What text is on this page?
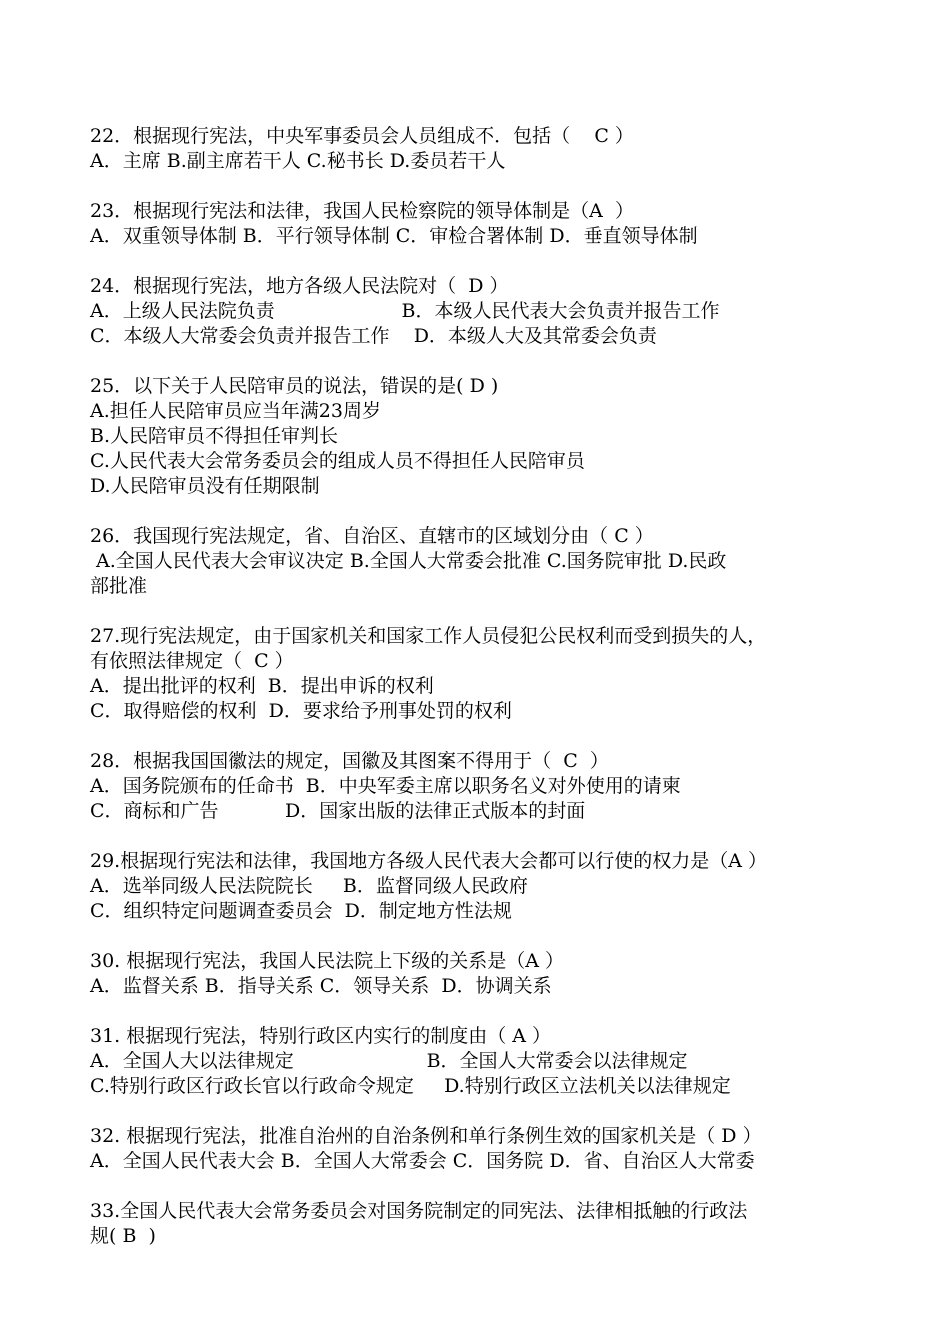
22．根据现行宪法，中央军事委员会人员组成不．包括（    C ）
A．主席 B.副主席若干人 C.秘书长 D.委员若干人
23．根据现行宪法和法律，我国人民检察院的领导体制是（A  ）
A．双重领导体制 B．平行领导体制 C．审检合署体制 D．垂直领导体制
24．根据现行宪法，地方各级人民法院对（  D ）
A．上级人民法院负责                     B．本级人民代表大会负责并报告工作
C．本级人大常委会负责并报告工作    D．本级人大及其常委会负责
25．以下关于人民陪审员的说法，错误的是( D )
A.担任人民陪审员应当年满23周岁
B.人民陪审员不得担任审判长
C.人民代表大会常务委员会的组成人员不得担任人民陪审员
D.人民陪审员没有任期限制
26．我国现行宪法规定，省、自治区、直辖市的区域划分由（ C ）
A.全国人民代表大会审议决定 B.全国人大常委会批准 C.国务院审批 D.民政
部批准
27.现行宪法规定，由于国家机关和国家工作人员侵犯公民权利而受到损失的人，
有依照法律规定（  C ）
A．提出批评的权利  B．提出申诉的权利
C．取得赔偿的权利  D．要求给予刑事处罚的权利
28．根据我国国徽法的规定，国徽及其图案不得用于（  C  ）
A．国务院颁布的任命书  B．中央军委主席以职务名义对外使用的请柬
C．商标和广告           D．国家出版的法律正式版本的封面
29.根据现行宪法和法律，我国地方各级人民代表大会都可以行使的权力是（A ）
A．选举同级人民法院院长     B．监督同级人民政府
C．组织特定问题调查委员会  D．制定地方性法规
30. 根据现行宪法，我国人民法院上下级的关系是（A ）
A．监督关系 B．指导关系 C．领导关系  D．协调关系
31. 根据现行宪法，特别行政区内实行的制度由（ A ）
A．全国人大以法律规定                      B．全国人大常委会以法律规定
C.特别行政区行政长官以行政命令规定     D.特别行政区立法机关以法律规定
32. 根据现行宪法，批准自治州的自治条例和单行条例生效的国家机关是（ D ）
A．全国人民代表大会 B．全国人大常委会 C．国务院 D．省、自治区人大常委
33.全国人民代表大会常务委员会对国务院制定的同宪法、法律相抵触的行政法
规( B  )
